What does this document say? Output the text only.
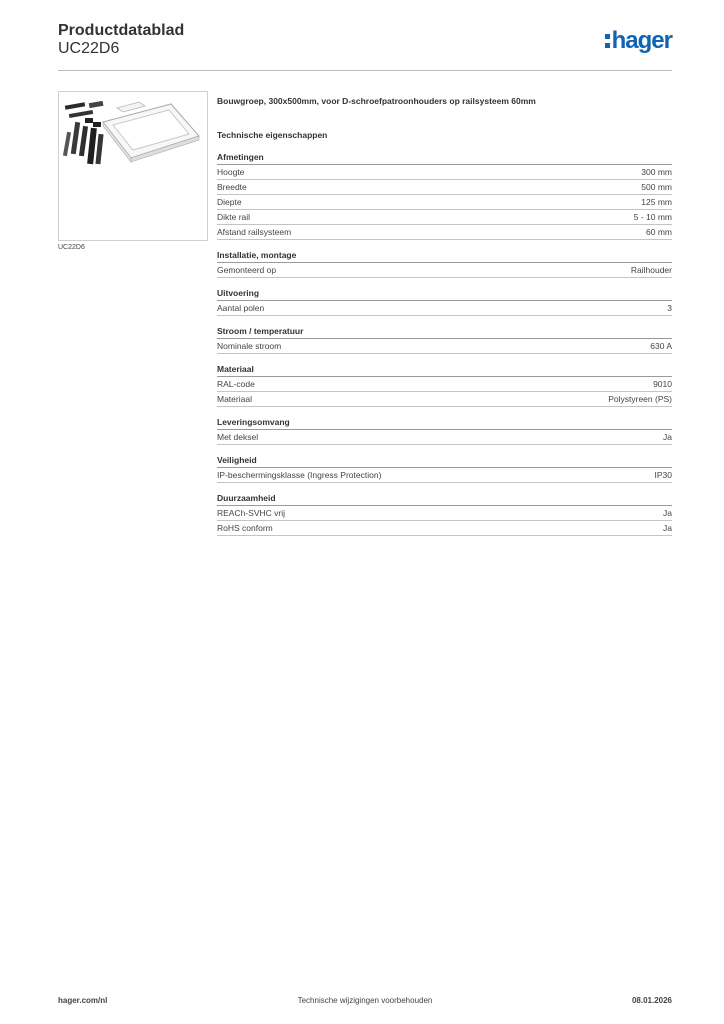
Productdatablad
UC22D6	hager
UC22D6
Bouwgroep, 300x500mm, voor D-schroefpatroonhouders op railsysteem 60mm
Technische eigenschappen
Afmetingen
Hoogte	300 mm
Breedte	500 mm
Diepte	125 mm
Dikte rail	5 - 10 mm
Afstand railsysteem	60 mm
Installatie, montage
Gemonteerd op	Railhouder
Uitvoering
Aantal polen	3
Stroom / temperatuur
Nominale stroom	630 A
Materiaal
RAL-code	9010
Materiaal	Polystyreen (PS)
Leveringsomvang
Met deksel	Ja
Veiligheid
IP-beschermingsklasse (Ingress Protection)	IP30
Duurzaamheid
REACh-SVHC vrij	Ja
RoHS conform	Ja
hager.com/nl	Technische wijzigingen voorbehouden	08.01.2026
